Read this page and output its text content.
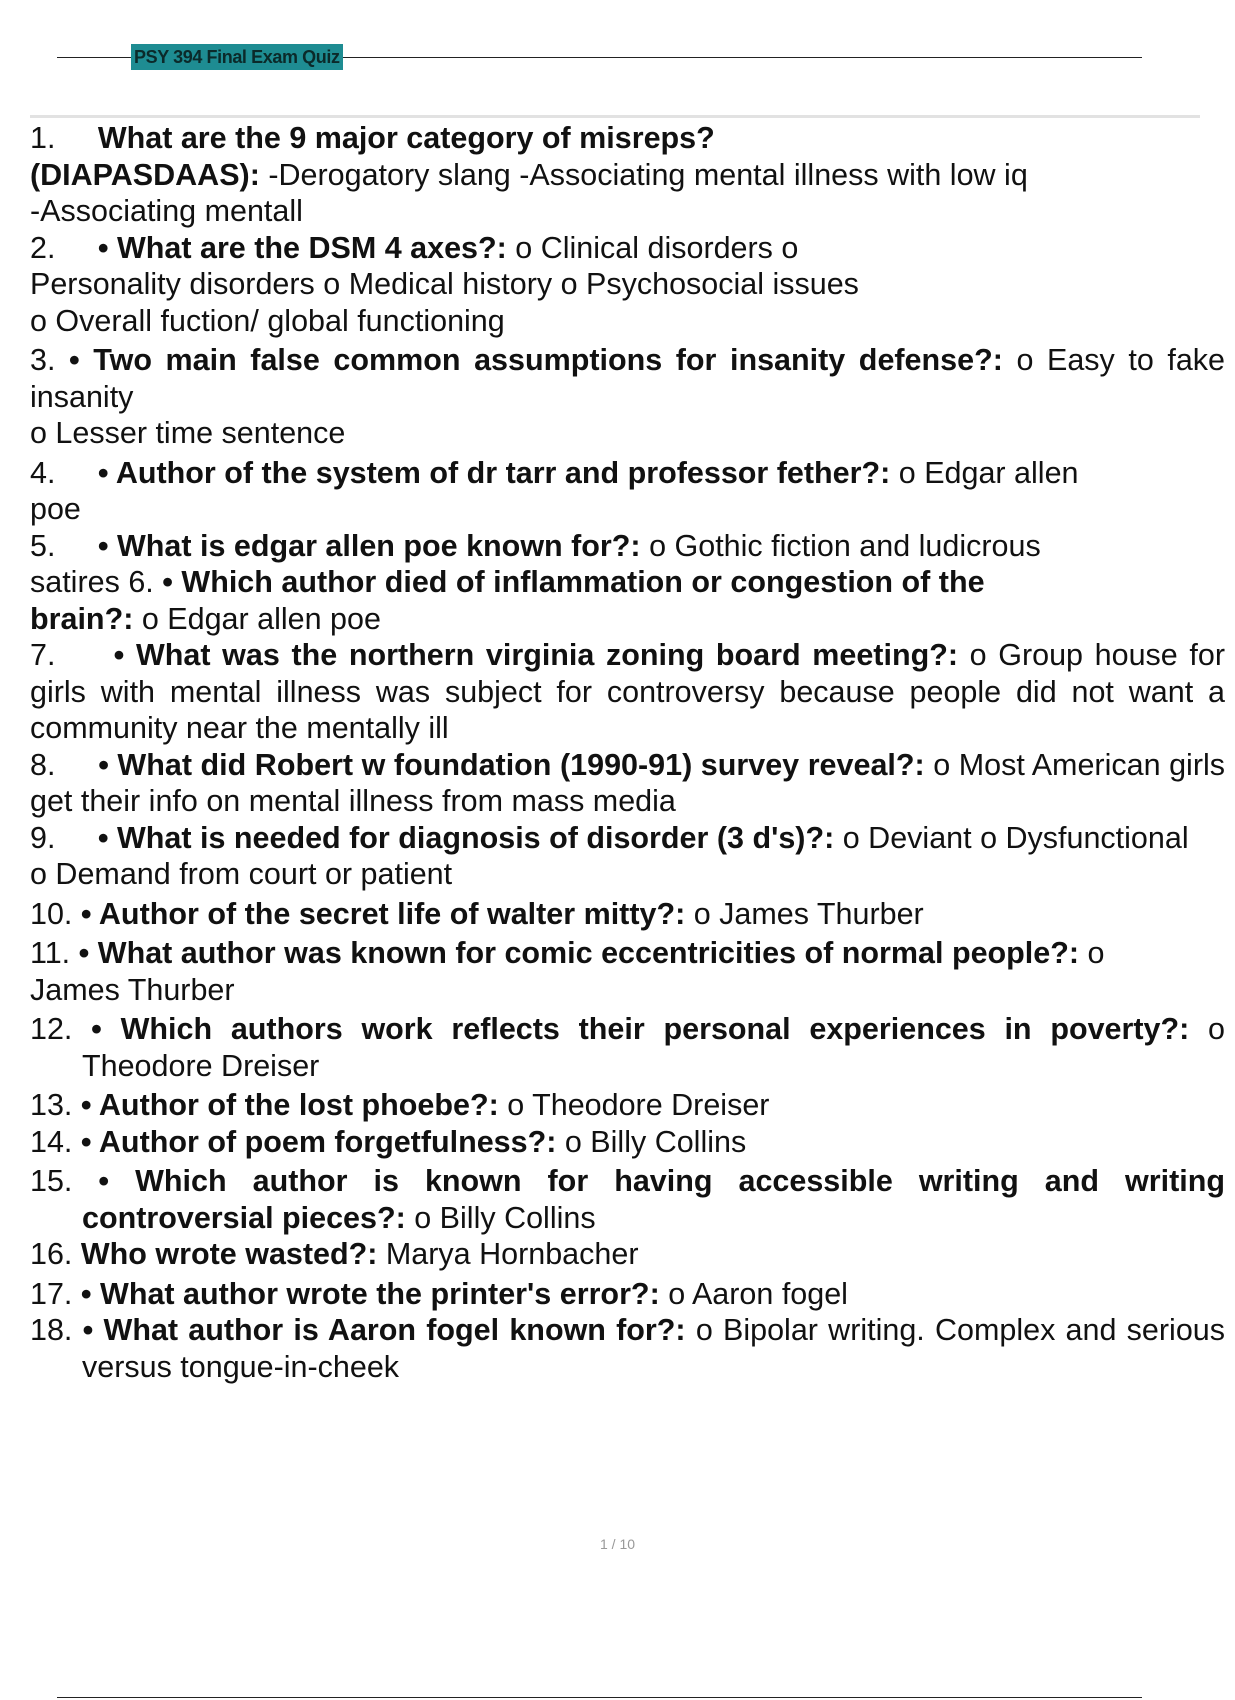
PSY 394 Final Exam Quiz

1. What are the 9 major category of misreps?
(DIAPASDAAS): -Derogatory slang -Associating mental illness with low iq
-Associating mentall

2. • What are the DSM 4 axes?: o Clinical disorders o Personality disorders o Medical history o Psychosocial issues
o Overall fuction/ global functioning

3. • Two main false common assumptions for insanity defense?: o Easy to fake insanity
o Lesser time sentence

4. • Author of the system of dr tarr and professor fether?: o Edgar allen poe

5. • What is edgar allen poe known for?: o Gothic fiction and ludicrous satires 6. • Which author died of inflammation or congestion of the brain?: o Edgar allen poe

7. • What was the northern virginia zoning board meeting?: o Group house for girls with mental illness was subject for controversy because people did not want a community near the mentally ill

8. • What did Robert w foundation (1990-91) survey reveal?: o Most American girls get their info on mental illness from mass media

9. • What is needed for diagnosis of disorder (3 d's)?: o Deviant o Dysfunctional
o Demand from court or patient

10. • Author of the secret life of walter mitty?: o James Thurber

11. • What author was known for comic eccentricities of normal people?: o James Thurber

12. • Which authors work reflects their personal experiences in poverty?: o Theodore Dreiser

13. • Author of the lost phoebe?: o Theodore Dreiser

14. • Author of poem forgetfulness?: o Billy Collins

15. • Which author is known for having accessible writing and writing controversial pieces?: o Billy Collins

16. Who wrote wasted?: Marya Hornbacher

17. • What author wrote the printer's error?: o Aaron fogel

18. • What author is Aaron fogel known for?: o Bipolar writing. Complex and serious versus tongue-in-cheek

1 / 10
